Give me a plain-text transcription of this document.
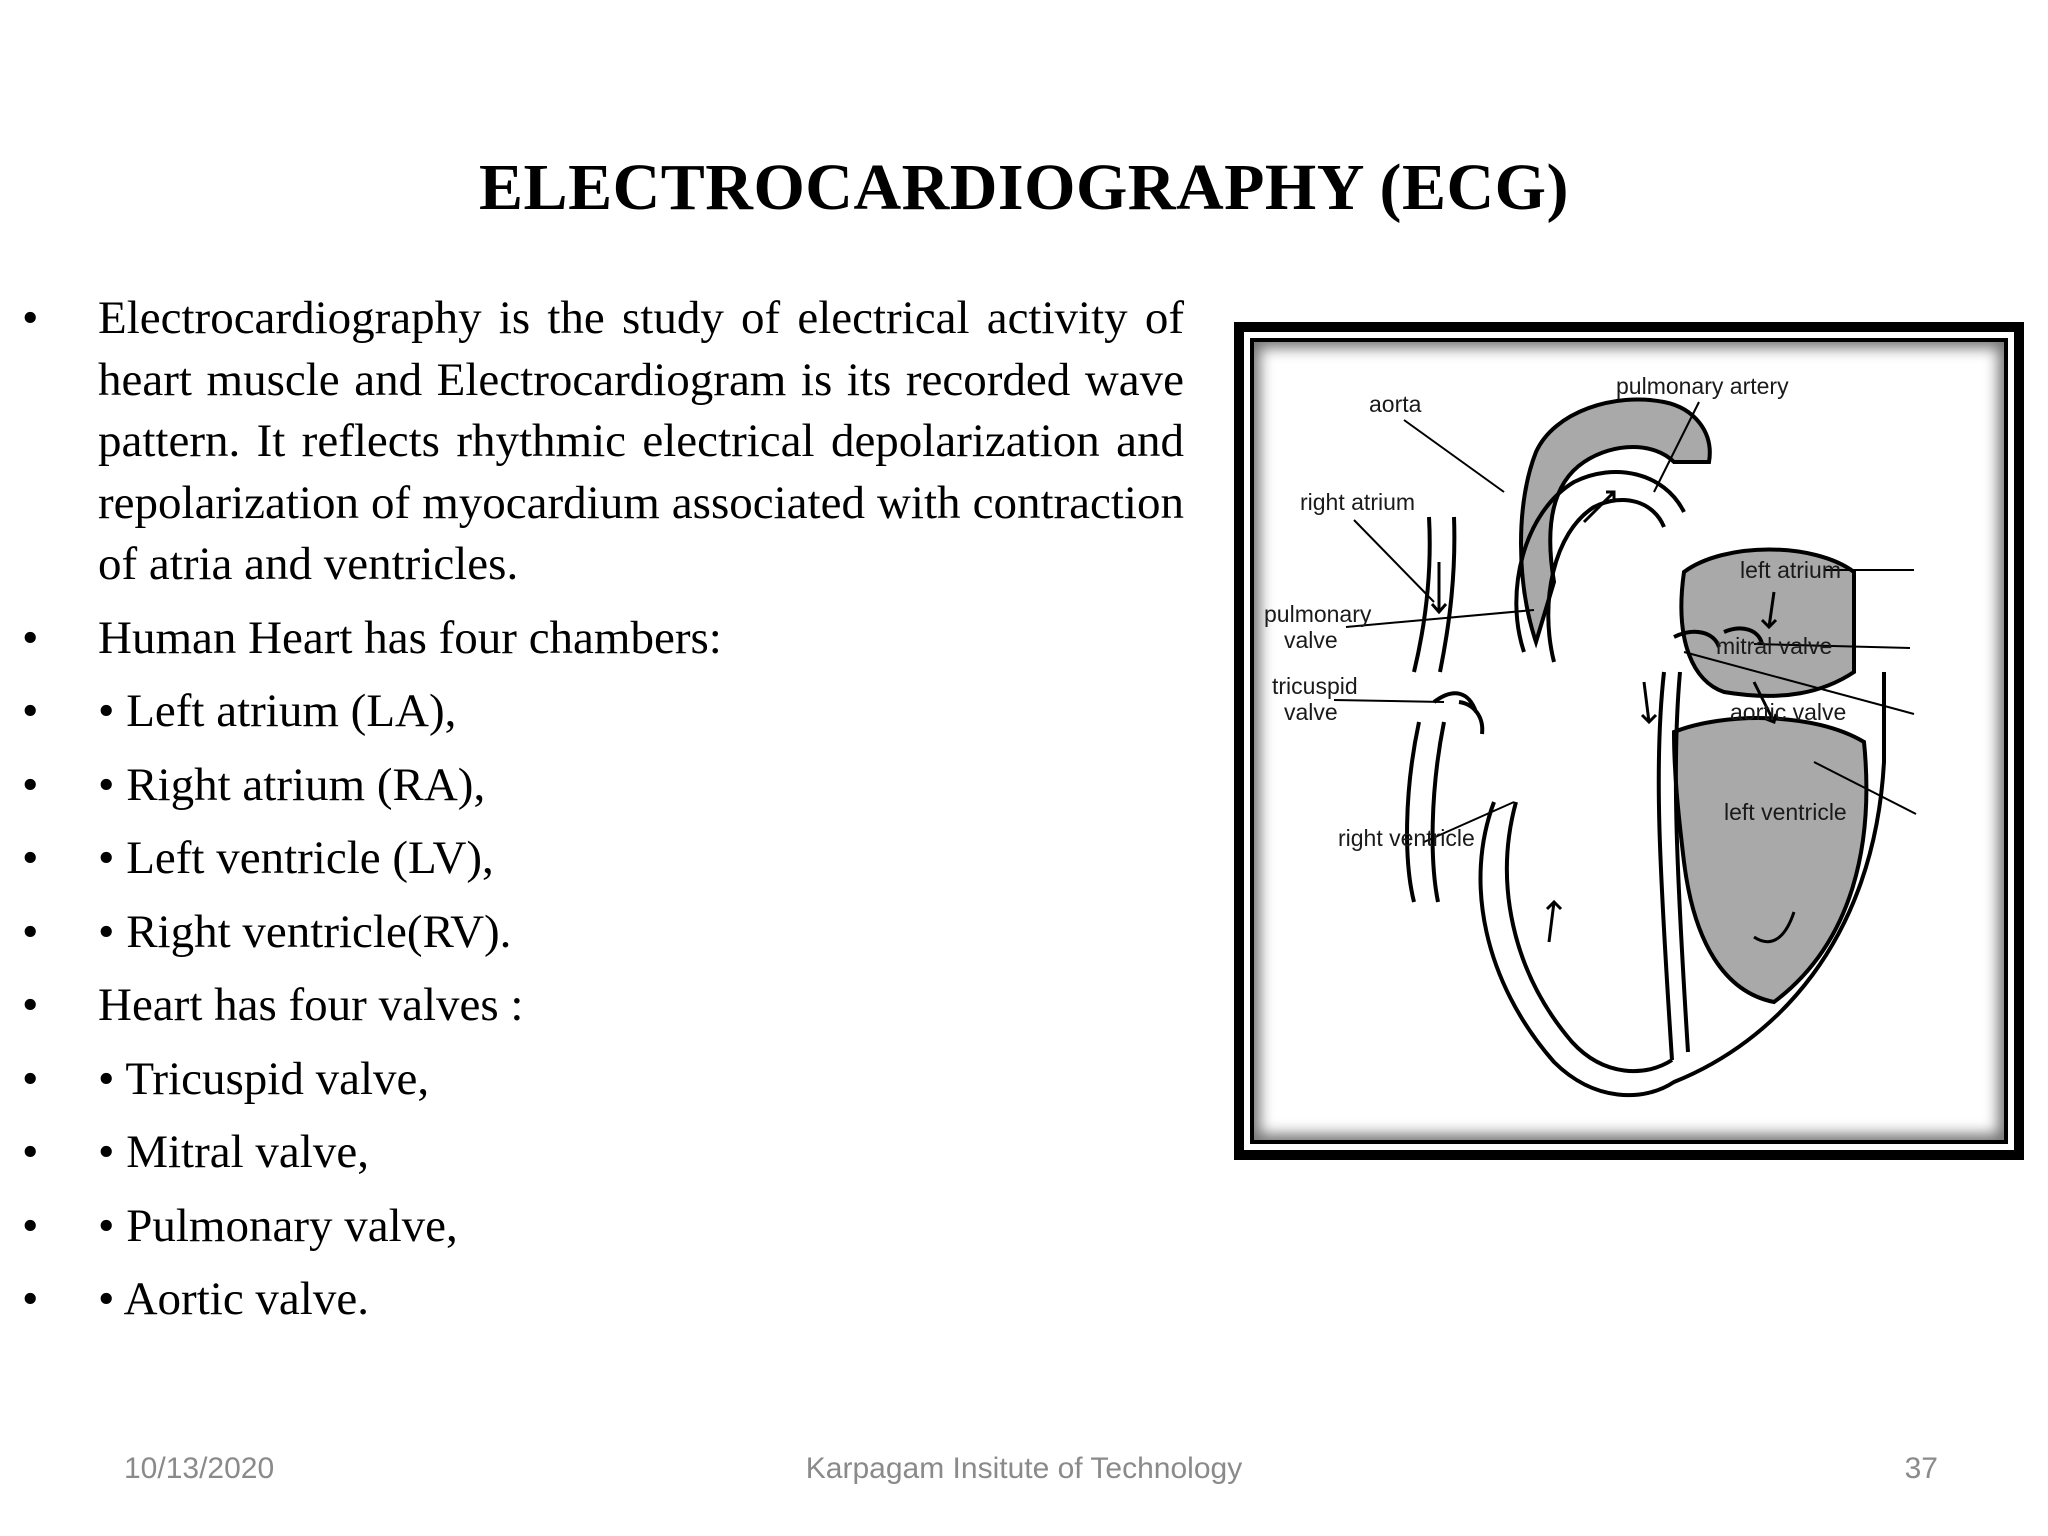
ELECTROCARDIOGRAPHY (ECG)
•	Electrocardiography is the study of electrical activity of heart muscle and Electrocardiogram is its recorded wave pattern. It reflects rhythmic electrical depolarization and repolarization of myocardium associated with contraction of atria and ventricles.
•	Human Heart has four chambers:
•	• Left atrium (LA),
•	• Right atrium (RA),
•	• Left ventricle (LV),
•	• Right ventricle(RV).
•	Heart has four valves :
•	• Tricuspid valve,
•	• Mitral valve,
•	• Pulmonary valve,
•	• Aortic valve.
aorta
pulmonary artery
right atrium
left atrium
pulmonary
valve	mitral valve
tricuspid
valve	aortic valve
left ventricle
right ventricle
10/13/2020	Karpagam Insitute of Technology	37
